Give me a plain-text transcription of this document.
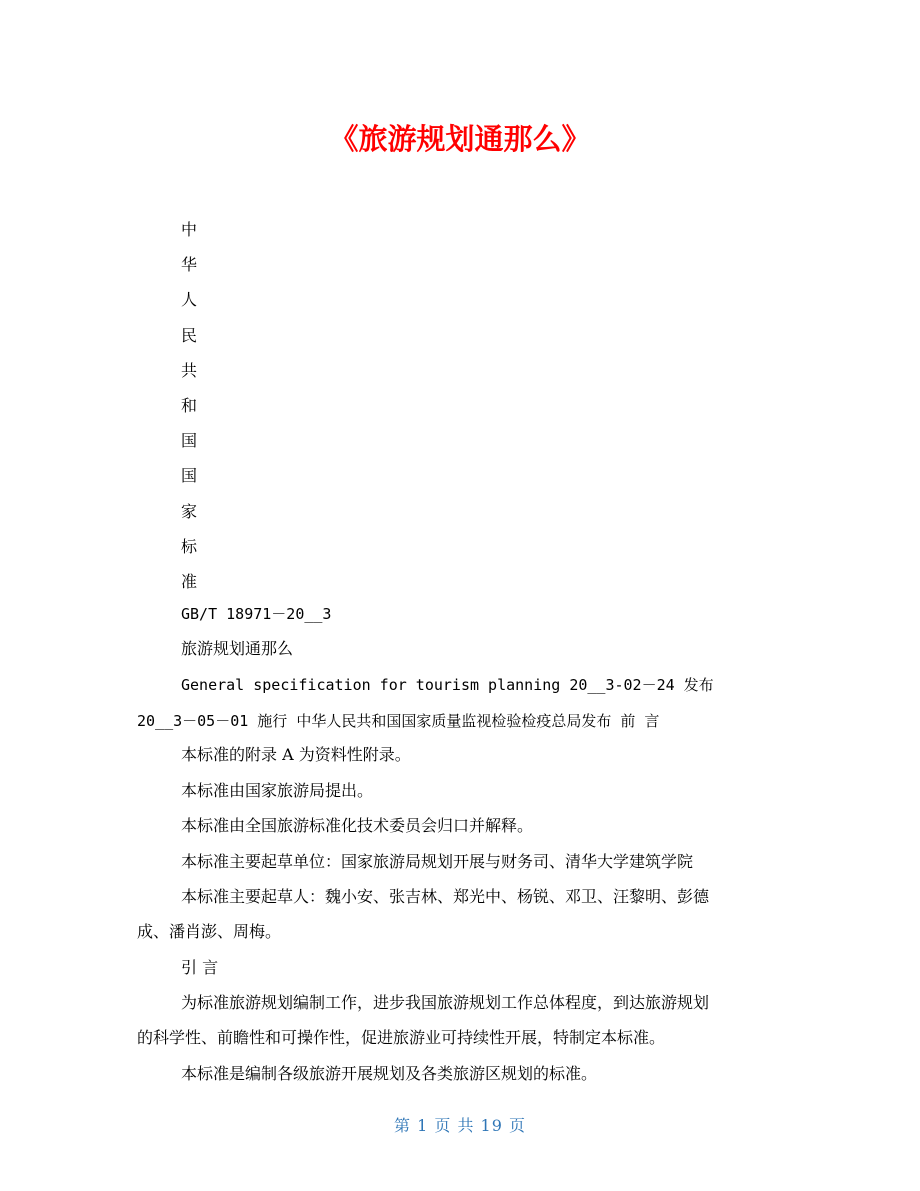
《旅游规划通那么》
中
华
人
民
共
和
国
国
家
标
准
GB/T 18971－20__3
旅游规划通那么
General specification for tourism planning 20__3-02－24 发布
20__3－05－01 施行 中华人民共和国国家质量监视检验检疫总局发布 前 言
本标准的附录 A 为资料性附录。
本标准由国家旅游局提出。
本标准由全国旅游标准化技术委员会归口并解释。
本标准主要起草单位：国家旅游局规划开展与财务司、清华大学建筑学院
本标准主要起草人：魏小安、张吉林、郑光中、杨锐、邓卫、汪黎明、彭德
成、潘肖澎、周梅。
引 言
为标准旅游规划编制工作，进步我国旅游规划工作总体程度，到达旅游规划
的科学性、前瞻性和可操作性，促进旅游业可持续性开展，特制定本标准。
本标准是编制各级旅游开展规划及各类旅游区规划的标准。
第 1 页 共 19 页
